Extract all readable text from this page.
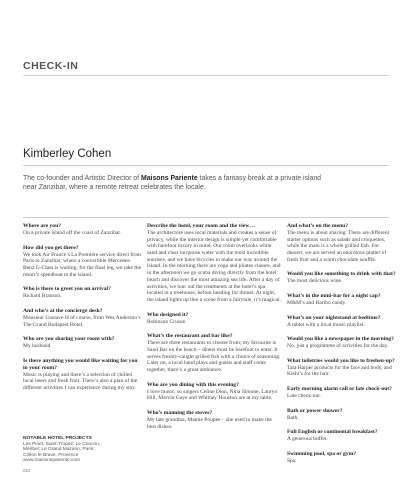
CHECK-IN
Kimberley Cohen
The co-founder and Artistic Director of Maisons Pariente takes a fantasy break at a private island near Zanzibar, where a remote retreat celebrates the locale.
Where are you?
On a private island off the coast of Zanzibar.
How did you get there?
We took Air France’s La Première service direct from Paris to Zanzibar, where a convertible Mercedes-Benz G-Class is waiting; for the final leg, we take the resort’s speedboat to the island.
Who is there to greet you on arrival?
Richard Branson.
And who’s at the concierge desk?
Monsieur Gustave H of course, from Wes Anderson’s The Grand Budapest Hotel.
Who are you sharing your room with?
My husband.
Is there anything you would like waiting for you in your room?
Music is playing and there’s a selection of chilled local beers and fresh fruit. There’s also a plan of the different activities I can experience during my stay.
Describe the hotel, your room and the view…
The architecture uses local materials and creates a sense of privacy, while the interior design is simple yet comfortable with barefoot luxury in mind. Our room overlooks white sand and clear turquoise water with the most incredible sunrises, and we have bicycles to make our way around the island. In the morning there are yoga and pilates classes, and in the afternoon we go scuba diving directly from the hotel beach and discover the most amazing sea life. After a day of activities, we tour out the treatments at the hotel’s spa located in a treehouse, before heading for dinner. At night, the island lights up like a scene from a fairytale, it’s magical.
Who designed it?
Robinson Crusoe.
What’s the restaurant and bar like?
There are three restaurants to choose from; my favourite is Sand Bar on the beach – diners must be barefoot to enter. It serves freshly-caught grilled fish with a choice of seasoning. Later on, a local band plays and guests and staff come together, there’s a great ambiance.
Who are you dining with this evening?
I love music, so singers Celine Dion, Nina Simone, Lauryn Hill, Marvin Gaye and Whitney Houston are at my table.
Who’s manning the stoves?
My late grandma, Mamie Poupée – she used to make the best dishes.
And what’s on the menu?
The menu is about sharing. There are different starter options such as salads and croquettes, while the main is a whole grilled fish. For dessert, we are served an enormous platter of fresh fruit and a warm chocolate soufflé.
Would you like something to drink with that?
The most delicious wine.
What’s in the mini-bar for a night cap?
M&M’s and Haribo candy.
What’s on your nightstand at bedtime?
A tablet with a local music playlist.
Would you like a newspaper in the morning?
No, just a programme of activities for the day.
What toiletries would you like to freshen-up?
Tata Harper products for the face and body, and Kiehl’s for the hair.
Early morning alarm call or late check-out?
Late check-out.
Bath or power shower?
Bath.
Full English or continental breakfast?
A generous buffet.
Swimming pool, spa or gym?
Spa.
NOTABLE HOTEL PROJECTS
Les Pinet, Saint-Tropez; Le Coucou,
Méribel; Le Grand Mazarin, Paris;
Crillon le Brave, Provence
www.maisonspariente.com
024
